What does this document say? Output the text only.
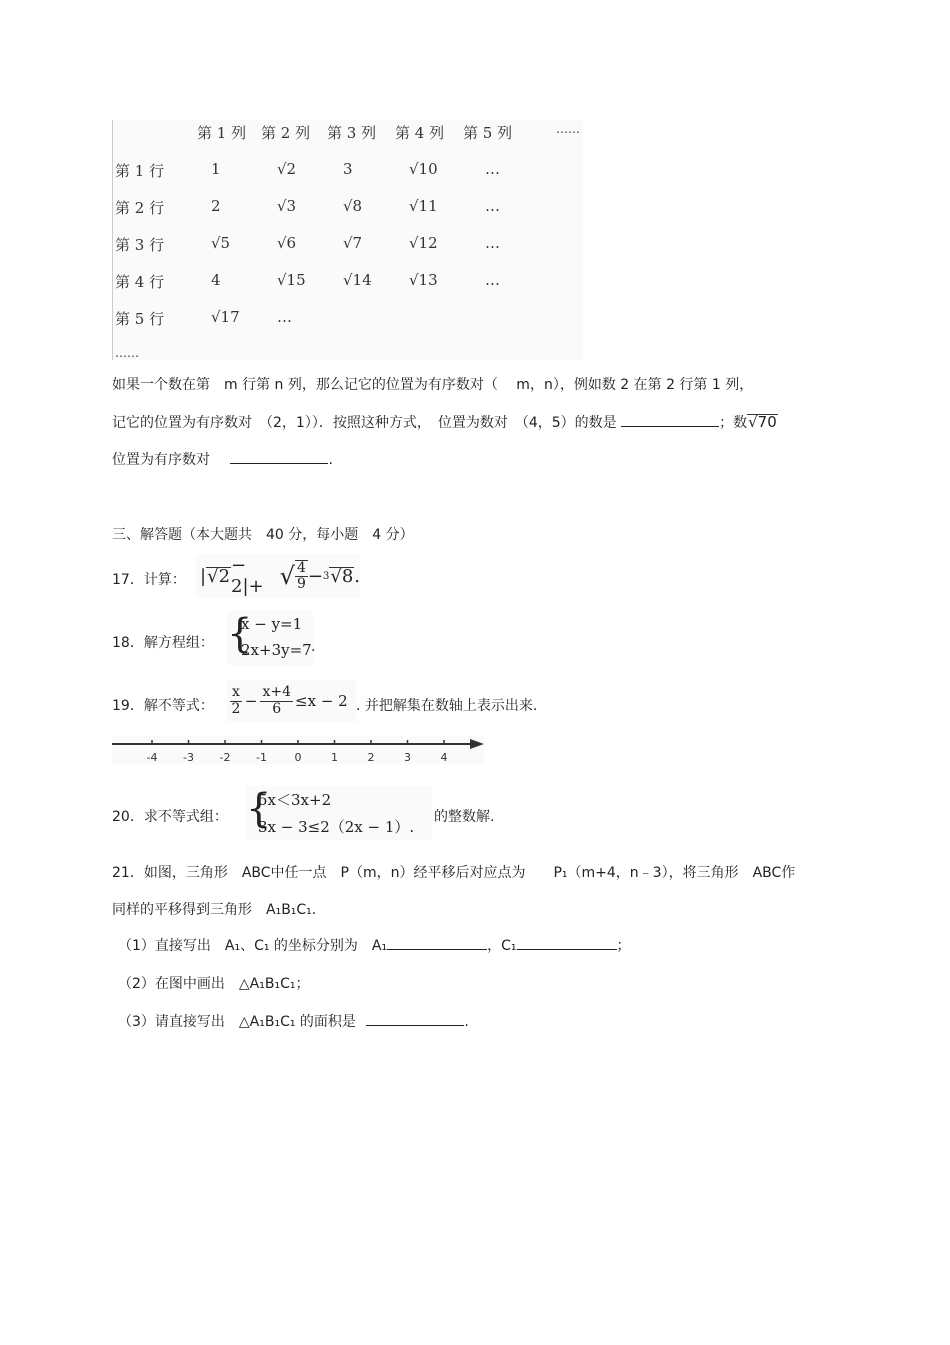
第 1 列 第 2 列 第 3 列 第 4 列 第 5 列	……
第 1 行	1	√2	3	√10	…
第 2 行	2	√3	√8	√11	…
第 3 行	√5	√6	√7	√12	…
第 4 行	4	√15 √14 √13	…
第 5 行	√17 …
……
如果一个数在第　m 行第 n 列，那么记它的位置为有序数对（　 m，n），例如数 2 在第 2 行第 1 列，
记它的位置为有序数对　（2，1））．按照这种方式，　位置为数对　（4，5）的数是	；数√70
位置为有序数对	.
三、解答题（本大题共　40 分，每小题　4 分）
17．计算： | √2 − 2|+ √ $\frac{4}{9} - 3$ √8 .
18．解方程组： {
x − y=1
2x+3y=7 .
19．解不等式： $\frac{x}{2} - \frac{x+4}{6} \le x - 2$ . 并把解集在数轴上表示出来.
-4 -3 -2 -1	0	1	2	3	4
20．求不等式组： {
5x＜3x+2
3x − 3≤2（2x − 1）.
的整数解.
21．如图，三角形　ABC中任一点　P（m，n）经平移后对应点为　　P₁（m+4，n﹣3），将三角形　ABC作
同样的平移得到三角形　A₁B₁C₁.
（1）直接写出　A₁、C₁ 的坐标分别为　A₁	，C₁	；
（2）在图中画出　△A₁B₁C₁；
（3）请直接写出　△A₁B₁C₁ 的面积是	.
